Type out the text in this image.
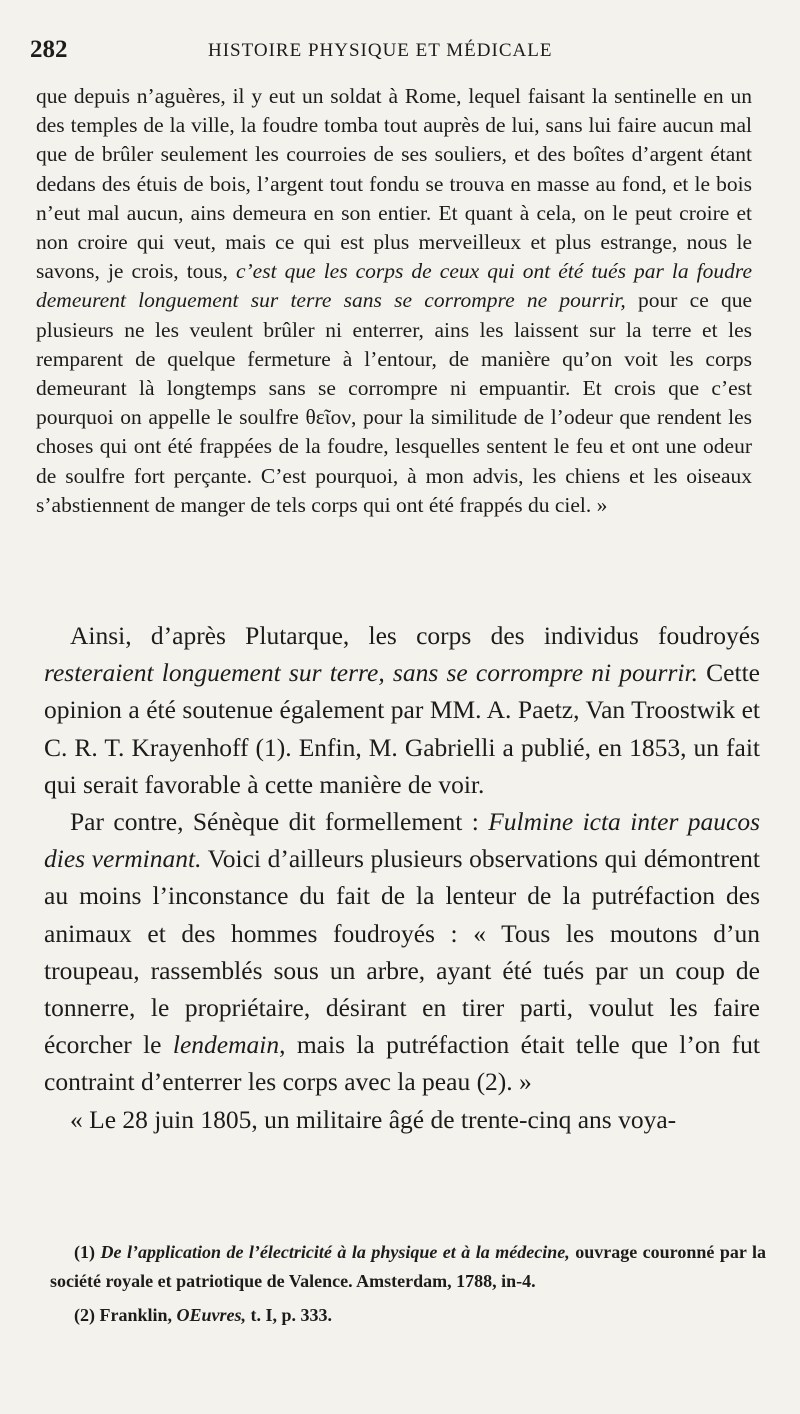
282	HISTOIRE PHYSIQUE ET MÉDICALE

que depuis n’aguères, il y eut un soldat à Rome, lequel faisant la sentinelle en un des temples de la ville, la foudre tomba tout auprès de lui, sans lui faire aucun mal que de brûler seulement les courroies de ses souliers, et des boîtes d’argent étant dedans des étuis de bois, l’argent tout fondu se trouva en masse au fond, et le bois n’eut mal aucun, ains demeura en son entier. Et quant à cela, on le peut croire et non croire qui veut, mais ce qui est plus merveilleux et plus estrange, nous le savons, je crois, tous, c’est que les corps de ceux qui ont été tués par la foudre demeurent longuement sur terre sans se corrompre ne pourrir, pour ce que plusieurs ne les veulent brûler ni enterrer, ains les laissent sur la terre et les remparent de quelque fermeture à l’entour, de manière qu’on voit les corps demeurant là longtemps sans se corrompre ni empuantir. Et crois que c’est pourquoi on appelle le soulfre θεῖον, pour la similitude de l’odeur que rendent les choses qui ont été frappées de la foudre, lesquelles sentent le feu et ont une odeur de soulfre fort perçante. C’est pourquoi, à mon advis, les chiens et les oiseaux s’abstiennent de manger de tels corps qui ont été frappés du ciel. »

Ainsi, d’après Plutarque, les corps des individus foudroyés resteraient longuement sur terre, sans se corrompre ni pourrir. Cette opinion a été soutenue également par MM. A. Paetz, Van Troostwik et C. R. T. Krayenhoff (1). Enfin, M. Gabrielli a publié, en 1853, un fait qui serait favorable à cette manière de voir.

Par contre, Sénèque dit formellement : Fulmine icta inter paucos dies verminant. Voici d’ailleurs plusieurs observations qui démontrent au moins l’inconstance du fait de la lenteur de la putréfaction des animaux et des hommes foudroyés : « Tous les moutons d’un troupeau, rassemblés sous un arbre, ayant été tués par un coup de tonnerre, le propriétaire, désirant en tirer parti, voulut les faire écorcher le lendemain, mais la putréfaction était telle que l’on fut contraint d’enterrer les corps avec la peau (2). »

« Le 28 juin 1805, un militaire âgé de trente-cinq ans voya-

(1) De l’application de l’électricité à la physique et à la médecine, ouvrage couronné par la société royale et patriotique de Valence. Amsterdam, 1788, in-4.

(2) Franklin, OEuvres, t. I, p. 333.
